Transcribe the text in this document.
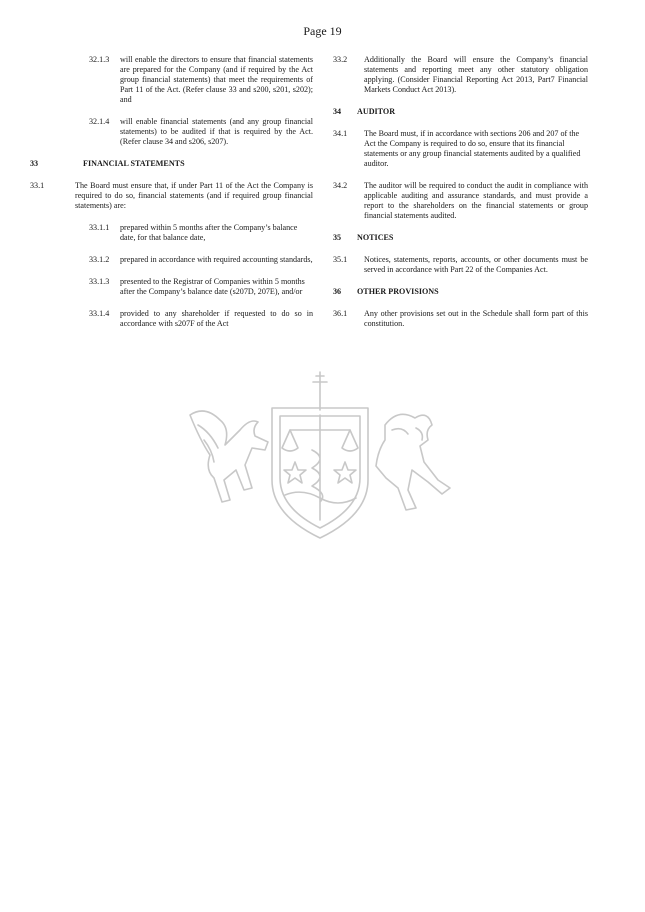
Page 19
32.1.3	will enable the directors to ensure that financial statements are prepared for the Company (and if required by the Act group financial statements) that meet the requirements of Part 11 of the Act. (Refer clause 33 and s200, s201, s202); and
32.1.4	will enable financial statements (and any group financial statements) to be audited if that is required by the Act. (Refer clause 34 and s206, s207).
33	FINANCIAL STATEMENTS
33.1	The Board must ensure that, if under Part 11 of the Act the Company is required to do so, financial statements (and if required group financial statements) are:
33.1.1	prepared within 5 months after the Company’s balance date, for that balance date,
33.1.2	prepared in accordance with required accounting standards,
33.1.3	presented to the Registrar of Companies within 5 months after the Company’s balance date (s207D, 207E), and/or
33.1.4	provided to any shareholder if requested to do so in accordance with s207F of the Act
33.2	Additionally the Board will ensure the Company’s financial statements and reporting meet any other statutory obligation applying. (Consider Financial Reporting Act 2013, Part7 Financial Markets Conduct Act 2013).
34	AUDITOR
34.1	The Board must, if in accordance with sections 206 and 207 of the Act the Company is required to do so, ensure that its financial statements or any group financial statements audited by a qualified auditor.
34.2	The auditor will be required to conduct the audit in compliance with applicable auditing and assurance standards, and must provide a report to the shareholders on the financial statements or group financial statements audited.
35	NOTICES
35.1	Notices, statements, reports, accounts, or other documents must be served in accordance with Part 22 of the Companies Act.
36	OTHER PROVISIONS
36.1	Any other provisions set out in the Schedule shall form part of this constitution.
